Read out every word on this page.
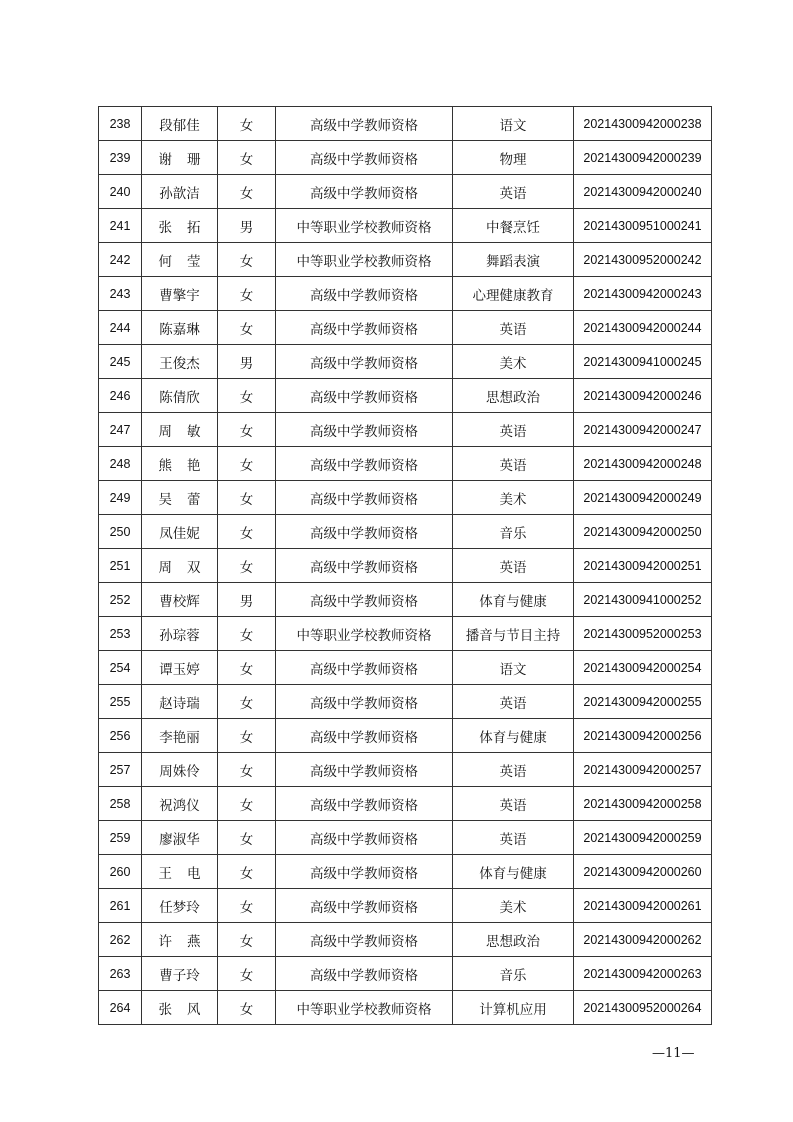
238	段郁佳	女	高级中学教师资格	语文	20214300942000238
239	谢珊	女	高级中学教师资格	物理	20214300942000239
240	孙歆洁	女	高级中学教师资格	英语	20214300942000240
241	张拓	男	中等职业学校教师资格	中餐烹饪	20214300951000241
242	何莹	女	中等职业学校教师资格	舞蹈表演	20214300952000242
243	曹擎宇	女	高级中学教师资格	心理健康教育	20214300942000243
244	陈嘉琳	女	高级中学教师资格	英语	20214300942000244
245	王俊杰	男	高级中学教师资格	美术	20214300941000245
246	陈倩欣	女	高级中学教师资格	思想政治	20214300942000246
247	周敏	女	高级中学教师资格	英语	20214300942000247
248	熊艳	女	高级中学教师资格	英语	20214300942000248
249	吴蕾	女	高级中学教师资格	美术	20214300942000249
250	凤佳妮	女	高级中学教师资格	音乐	20214300942000250
251	周双	女	高级中学教师资格	英语	20214300942000251
252	曹校辉	男	高级中学教师资格	体育与健康	20214300941000252
253	孙琮蓉	女	中等职业学校教师资格	播音与节目主持	20214300952000253
254	谭玉婷	女	高级中学教师资格	语文	20214300942000254
255	赵诗瑞	女	高级中学教师资格	英语	20214300942000255
256	李艳丽	女	高级中学教师资格	体育与健康	20214300942000256
257	周姝伶	女	高级中学教师资格	英语	20214300942000257
258	祝鸿仪	女	高级中学教师资格	英语	20214300942000258
259	廖淑华	女	高级中学教师资格	英语	20214300942000259
260	王电	女	高级中学教师资格	体育与健康	20214300942000260
261	任梦玲	女	高级中学教师资格	美术	20214300942000261
262	许燕	女	高级中学教师资格	思想政治	20214300942000262
263	曹子玲	女	高级中学教师资格	音乐	20214300942000263
264	张风	女	中等职业学校教师资格	计算机应用	20214300952000264
—11—
